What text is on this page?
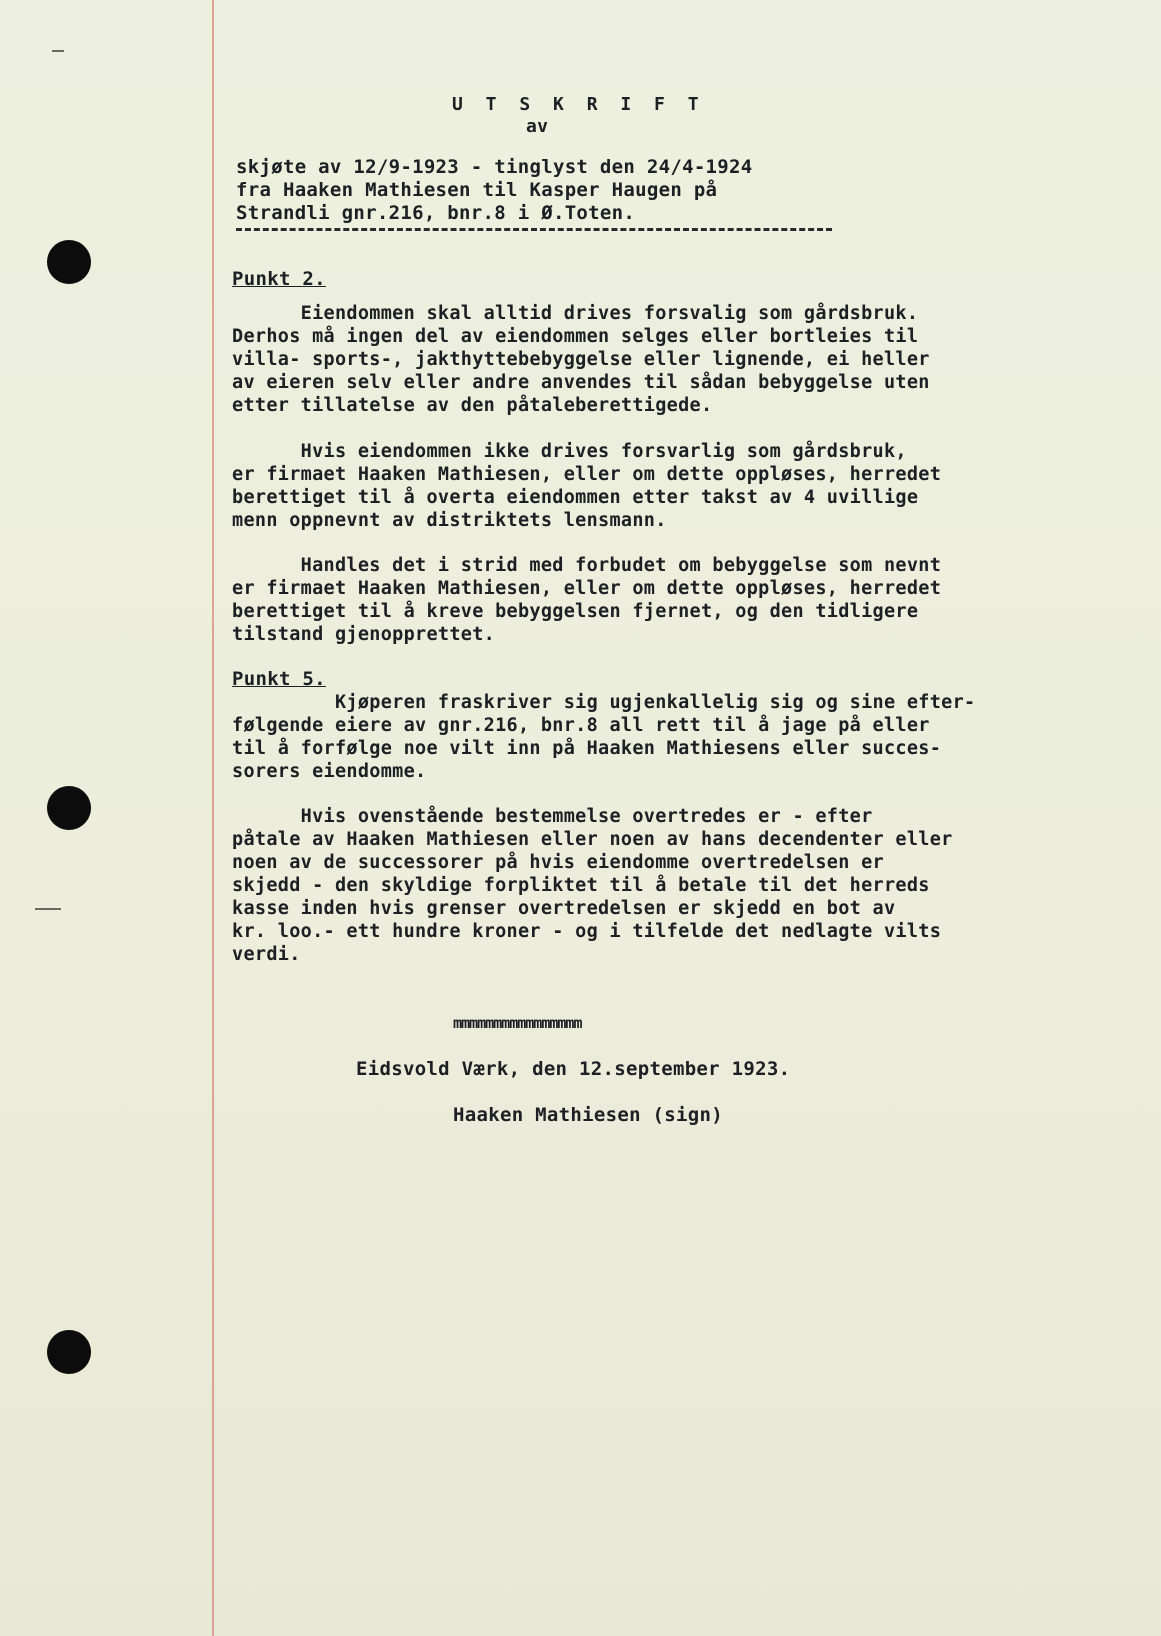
U T S K R I F T

av

skjøte av 12/9-1923 - tinglyst den 24/4-1924
fra Haaken Mathiesen til Kasper Haugen på
Strandli gnr.216, bnr.8 i Ø.Toten.

Punkt 2.

Eiendommen skal alltid drives forsvalig som gårdsbruk.
Derhos må ingen del av eiendommen selges eller bortleies til
villa- sports-, jakthyttebebyggelse eller lignende, ei heller
av eieren selv eller andre anvendes til sådan bebyggelse uten
etter tillatelse av den påtaleberettigede.

Hvis eiendommen ikke drives forsvarlig som gårdsbruk,
er firmaet Haaken Mathiesen, eller om dette oppløses, herredet
berettiget til å overta eiendommen etter takst av 4 uvillige
menn oppnevnt av distriktets lensmann.

Handles det i strid med forbudet om bebyggelse som nevnt
er firmaet Haaken Mathiesen, eller om dette oppløses, herredet
berettiget til å kreve bebyggelsen fjernet, og den tidligere
tilstand gjenopprettet.

Punkt 5.

Kjøperen fraskriver sig ugjenkallelig sig og sine efter-
følgende eiere av gnr.216, bnr.8 all rett til å jage på eller
til å forfølge noe vilt inn på Haaken Mathiesens eller succes-
sorers eiendomme.

Hvis ovenstående bestemmelse overtredes er - efter
påtale av Haaken Mathiesen eller noen av hans decendenter eller
noen av de successorer på hvis eiendomme overtredelsen er
skjedd - den skyldige forpliktet til å betale til det herreds
kasse inden hvis grenser overtredelsen er skjedd en bot av
kr. loo.- ett hundre kroner - og i tilfelde det nedlagte vilts
verdi.

mmmmmmmmmmmmmmmm

Eidsvold Værk, den 12.september 1923.

Haaken Mathiesen (sign)
